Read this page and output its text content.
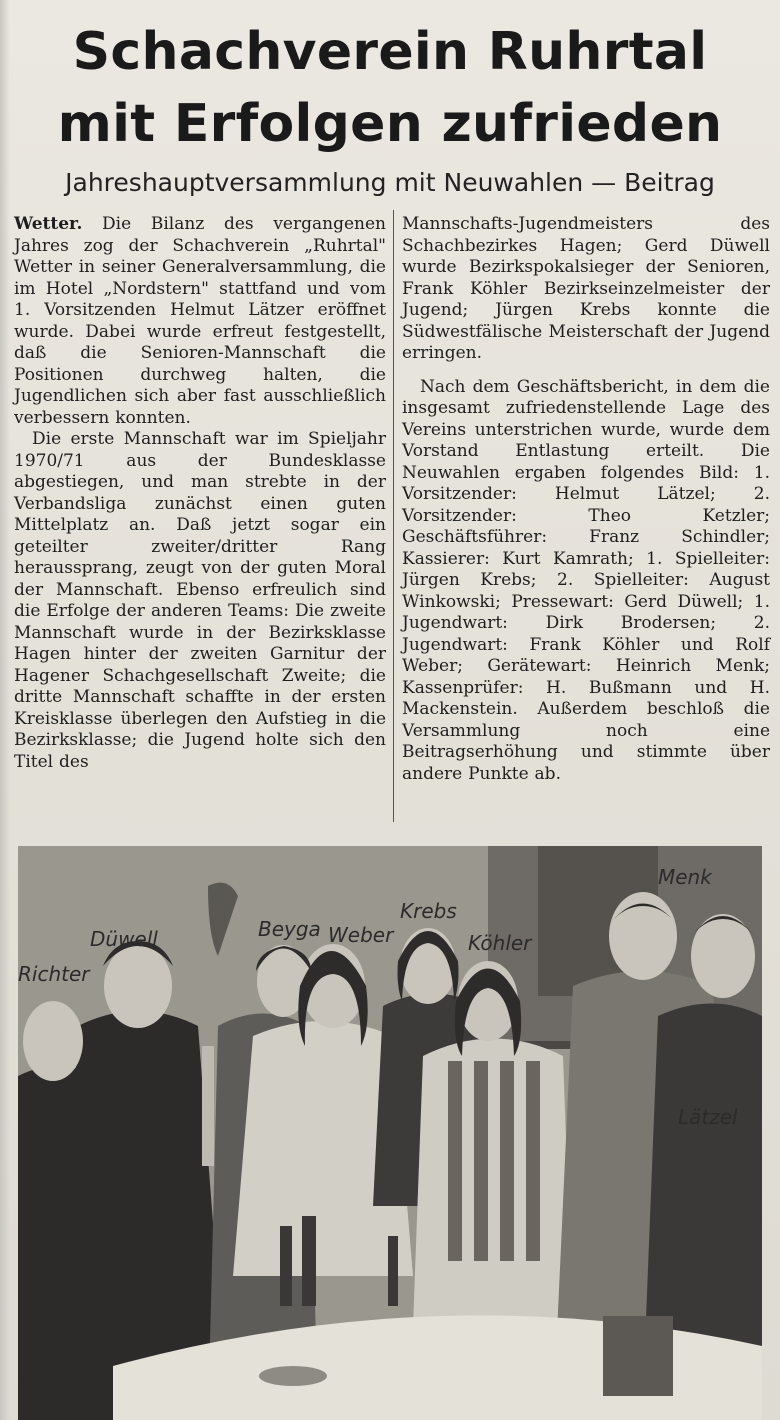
Schachverein Ruhrtal
mit Erfolgen zufrieden
Jahreshauptversammlung mit Neuwahlen — Beitrag

Wetter. Die Bilanz des vergangenen Jahres zog der Schachverein „Ruhrtal" Wetter in seiner Generalversammlung, die im Hotel „Nordstern" stattfand und vom 1. Vorsitzenden Helmut Lätzer eröffnet wurde. Dabei wurde erfreut festgestellt, daß die Senioren-Mannschaft die Positionen durchweg halten, die Jugendlichen sich aber fast ausschließlich verbessern konnten.

Die erste Mannschaft war im Spieljahr 1970/71 aus der Bundesklasse abgestiegen, und man strebte in der Verbandsliga zunächst einen guten Mittelplatz an. Daß jetzt sogar ein geteilter zweiter/dritter Rang heraussprang, zeugt von der guten Moral der Mannschaft. Ebenso erfreulich sind die Erfolge der anderen Teams: Die zweite Mannschaft wurde in der Bezirksklasse Hagen hinter der zweiten Garnitur der Hagener Schachgesellschaft Zweite; die dritte Mannschaft schaffte in der ersten Kreisklasse überlegen den Aufstieg in die Bezirksklasse; die Jugend holte sich den Titel des

Mannschafts-Jugendmeisters des Schachbezirkes Hagen; Gerd Düwell wurde Bezirkspokalsieger der Senioren, Frank Köhler Bezirkseinzelmeister der Jugend; Jürgen Krebs konnte die Südwestfälische Meisterschaft der Jugend erringen.

Nach dem Geschäftsbericht, in dem die insgesamt zufriedenstellende Lage des Vereins unterstrichen wurde, wurde dem Vorstand Entlastung erteilt. Die Neuwahlen ergaben folgendes Bild: 1. Vorsitzender: Helmut Lätzel; 2. Vorsitzender: Theo Ketzler; Geschäftsführer: Franz Schindler; Kassierer: Kurt Kamrath; 1. Spielleiter: Jürgen Krebs; 2. Spielleiter: August Winkowski; Pressewart: Gerd Düwell; 1. Jugendwart: Dirk Brodersen; 2. Jugendwart: Frank Köhler und Rolf Weber; Gerätewart: Heinrich Menk; Kassenprüfer: H. Bußmann und H. Mackenstein. Außerdem beschloß die Versammlung noch eine Beitragserhöhung und stimmte über andere Punkte ab.

Richter
Düwell	Beyga Weber
Krebs
Köhler
Lätzel
Menk
